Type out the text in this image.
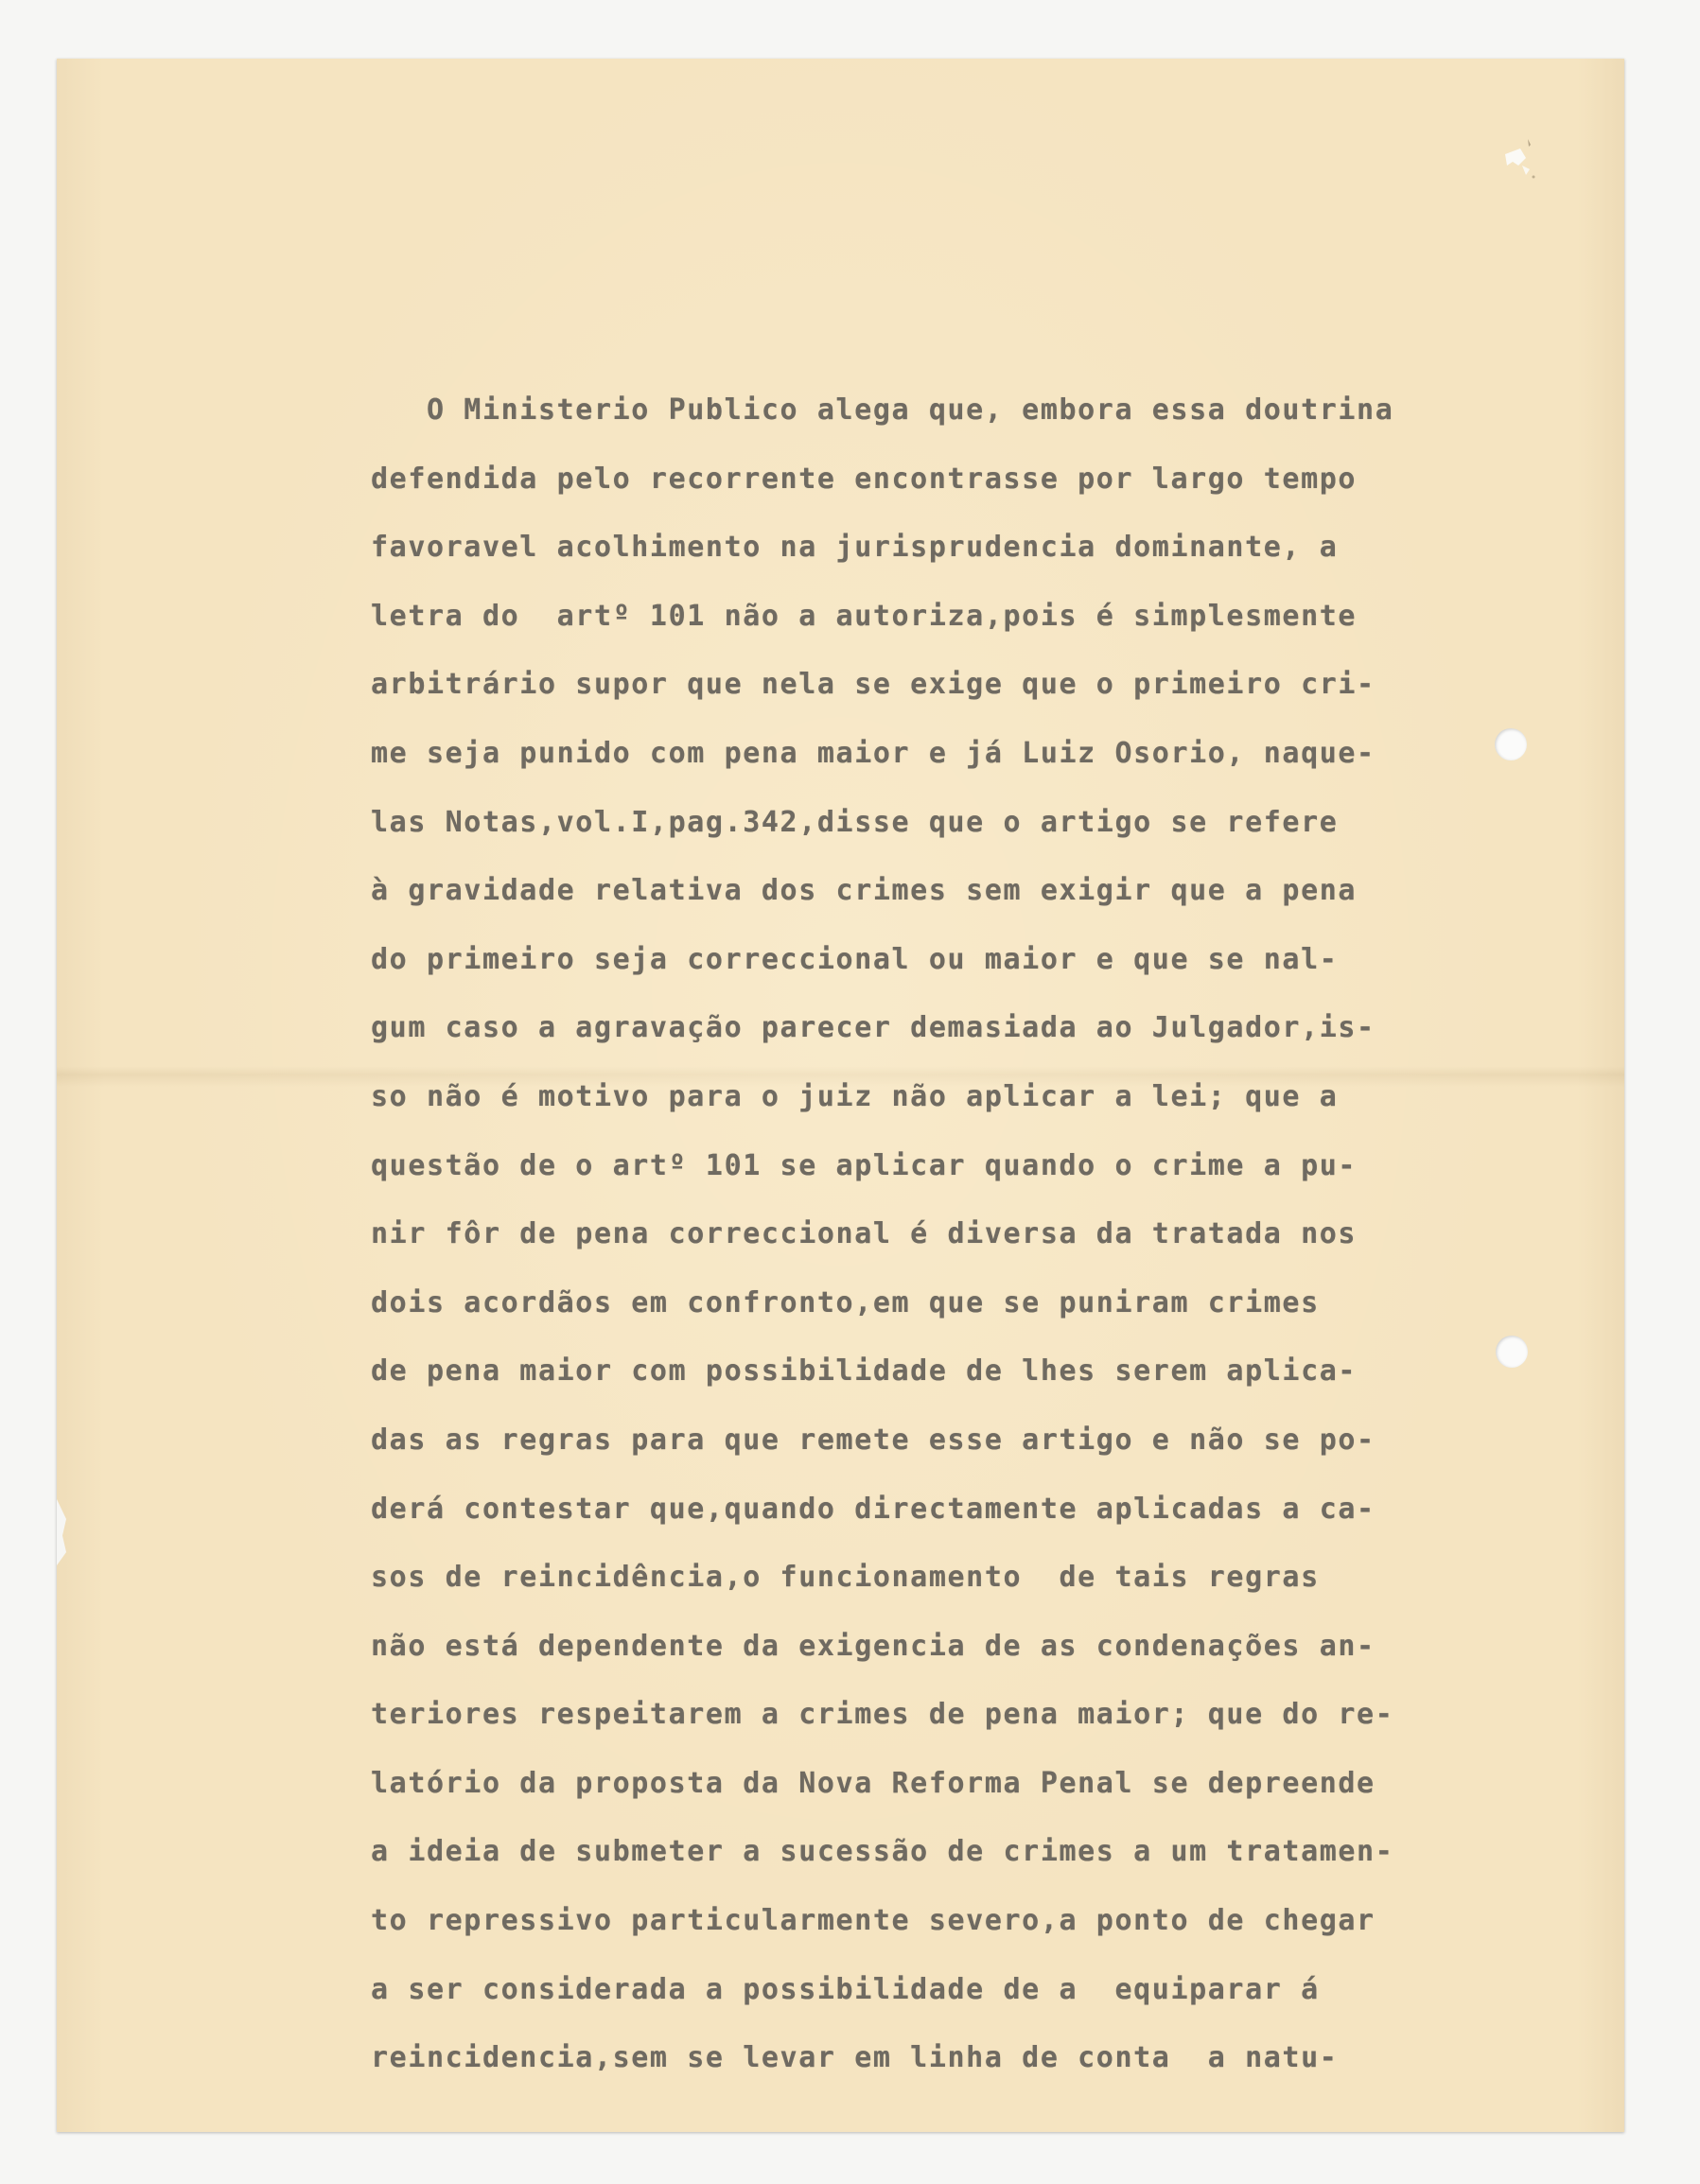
O Ministerio Publico alega que, embora essa doutrina
defendida pelo recorrente encontrasse por largo tempo
favoravel acolhimento na jurisprudencia dominante, a
letra do  artº 101 não a autoriza,pois é simplesmente
arbitrário supor que nela se exige que o primeiro cri-
me seja punido com pena maior e já Luiz Osorio, naque-
las Notas,vol.I,pag.342,disse que o artigo se refere
à gravidade relativa dos crimes sem exigir que a pena
do primeiro seja correccional ou maior e que se nal-
gum caso a agravação parecer demasiada ao Julgador,is-
so não é motivo para o juiz não aplicar a lei; que a
questão de o artº 101 se aplicar quando o crime a pu-
nir fôr de pena correccional é diversa da tratada nos
dois acordãos em confronto,em que se puniram crimes
de pena maior com possibilidade de lhes serem aplica-
das as regras para que remete esse artigo e não se po-
derá contestar que,quando directamente aplicadas a ca-
sos de reincidência,o funcionamento  de tais regras
não está dependente da exigencia de as condenações an-
teriores respeitarem a crimes de pena maior; que do re-
latório da proposta da Nova Reforma Penal se depreende
a ideia de submeter a sucessão de crimes a um tratamen-
to repressivo particularmente severo,a ponto de chegar
a ser considerada a possibilidade de a  equiparar á
reincidencia,sem se levar em linha de conta  a natu-
